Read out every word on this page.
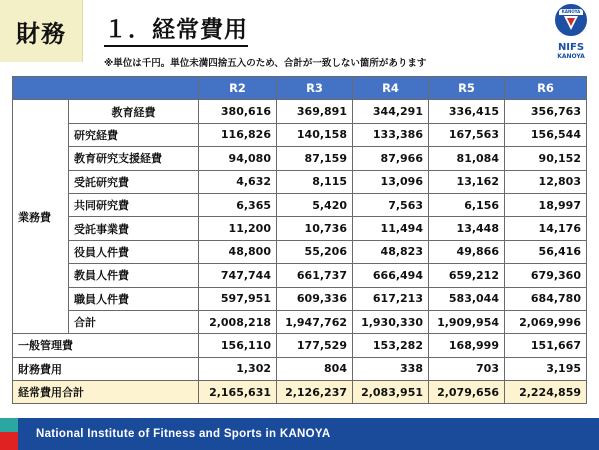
財務	１．経常費用
※単位は千円。単位未満四捨五入のため、合計が一致しない箇所があります
KANOYA
NIFS
KANOYA
		R2	R3	R4	R5	R6
業務費	教育経費	380,616	369,891	344,291	336,415	356,763
	研究経費	116,826	140,158	133,386	167,563	156,544
	教育研究支援経費	94,080	87,159	87,966	81,084	90,152
	受託研究費	4,632	8,115	13,096	13,162	12,803
	共同研究費	6,365	5,420	7,563	6,156	18,997
	受託事業費	11,200	10,736	11,494	13,448	14,176
	役員人件費	48,800	55,206	48,823	49,866	56,416
	教員人件費	747,744	661,737	666,494	659,212	679,360
	職員人件費	597,951	609,336	617,213	583,044	684,780
	合計	2,008,218	1,947,762	1,930,330	1,909,954	2,069,996
一般管理費		156,110	177,529	153,282	168,999	151,667
財務費用		1,302	804	338	703	3,195
経常費用合計		2,165,631	2,126,237	2,083,951	2,079,656	2,224,859
National Institute of Fitness and Sports in KANOYA
